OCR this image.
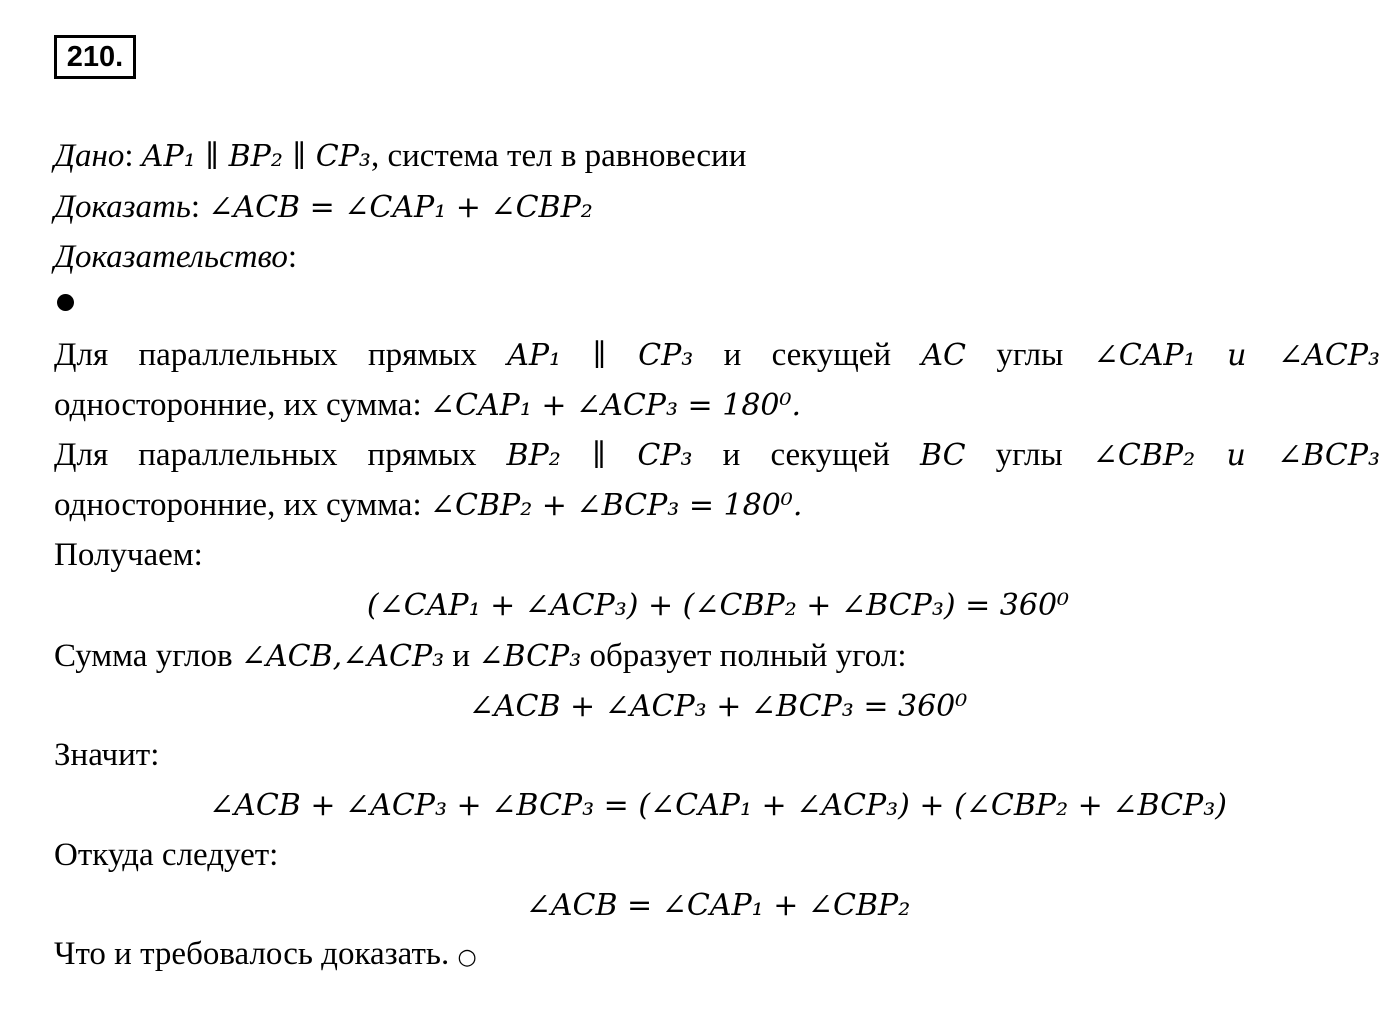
210.
Дано: AP₁ ∥ BP₂ ∥ CP₃, система тел в равновесии
Доказать: ∠ACB = ∠CAP₁ + ∠CBP₂
Доказательство:
Для параллельных прямых AP₁ ∥ CP₃ и секущей AC углы ∠CAP₁ и ∠ACP₃
односторонние, их сумма: ∠CAP₁ + ∠ACP₃ = 180⁰.
Для параллельных прямых BP₂ ∥ CP₃ и секущей BC углы ∠CBP₂ и ∠BCP₃
односторонние, их сумма: ∠CBP₂ + ∠BCP₃ = 180⁰.
Получаем:
(∠CAP₁ + ∠ACP₃) + (∠CBP₂ + ∠BCP₃) = 360⁰
Сумма углов ∠ACB,∠ACP₃ и ∠BCP₃ образует полный угол:
∠ACB + ∠ACP₃ + ∠BCP₃ = 360⁰
Значит:
∠ACB + ∠ACP₃ + ∠BCP₃ = (∠CAP₁ + ∠ACP₃) + (∠CBP₂ + ∠BCP₃)
Откуда следует:
∠ACB = ∠CAP₁ + ∠CBP₂
Что и требовалось доказать. ○
